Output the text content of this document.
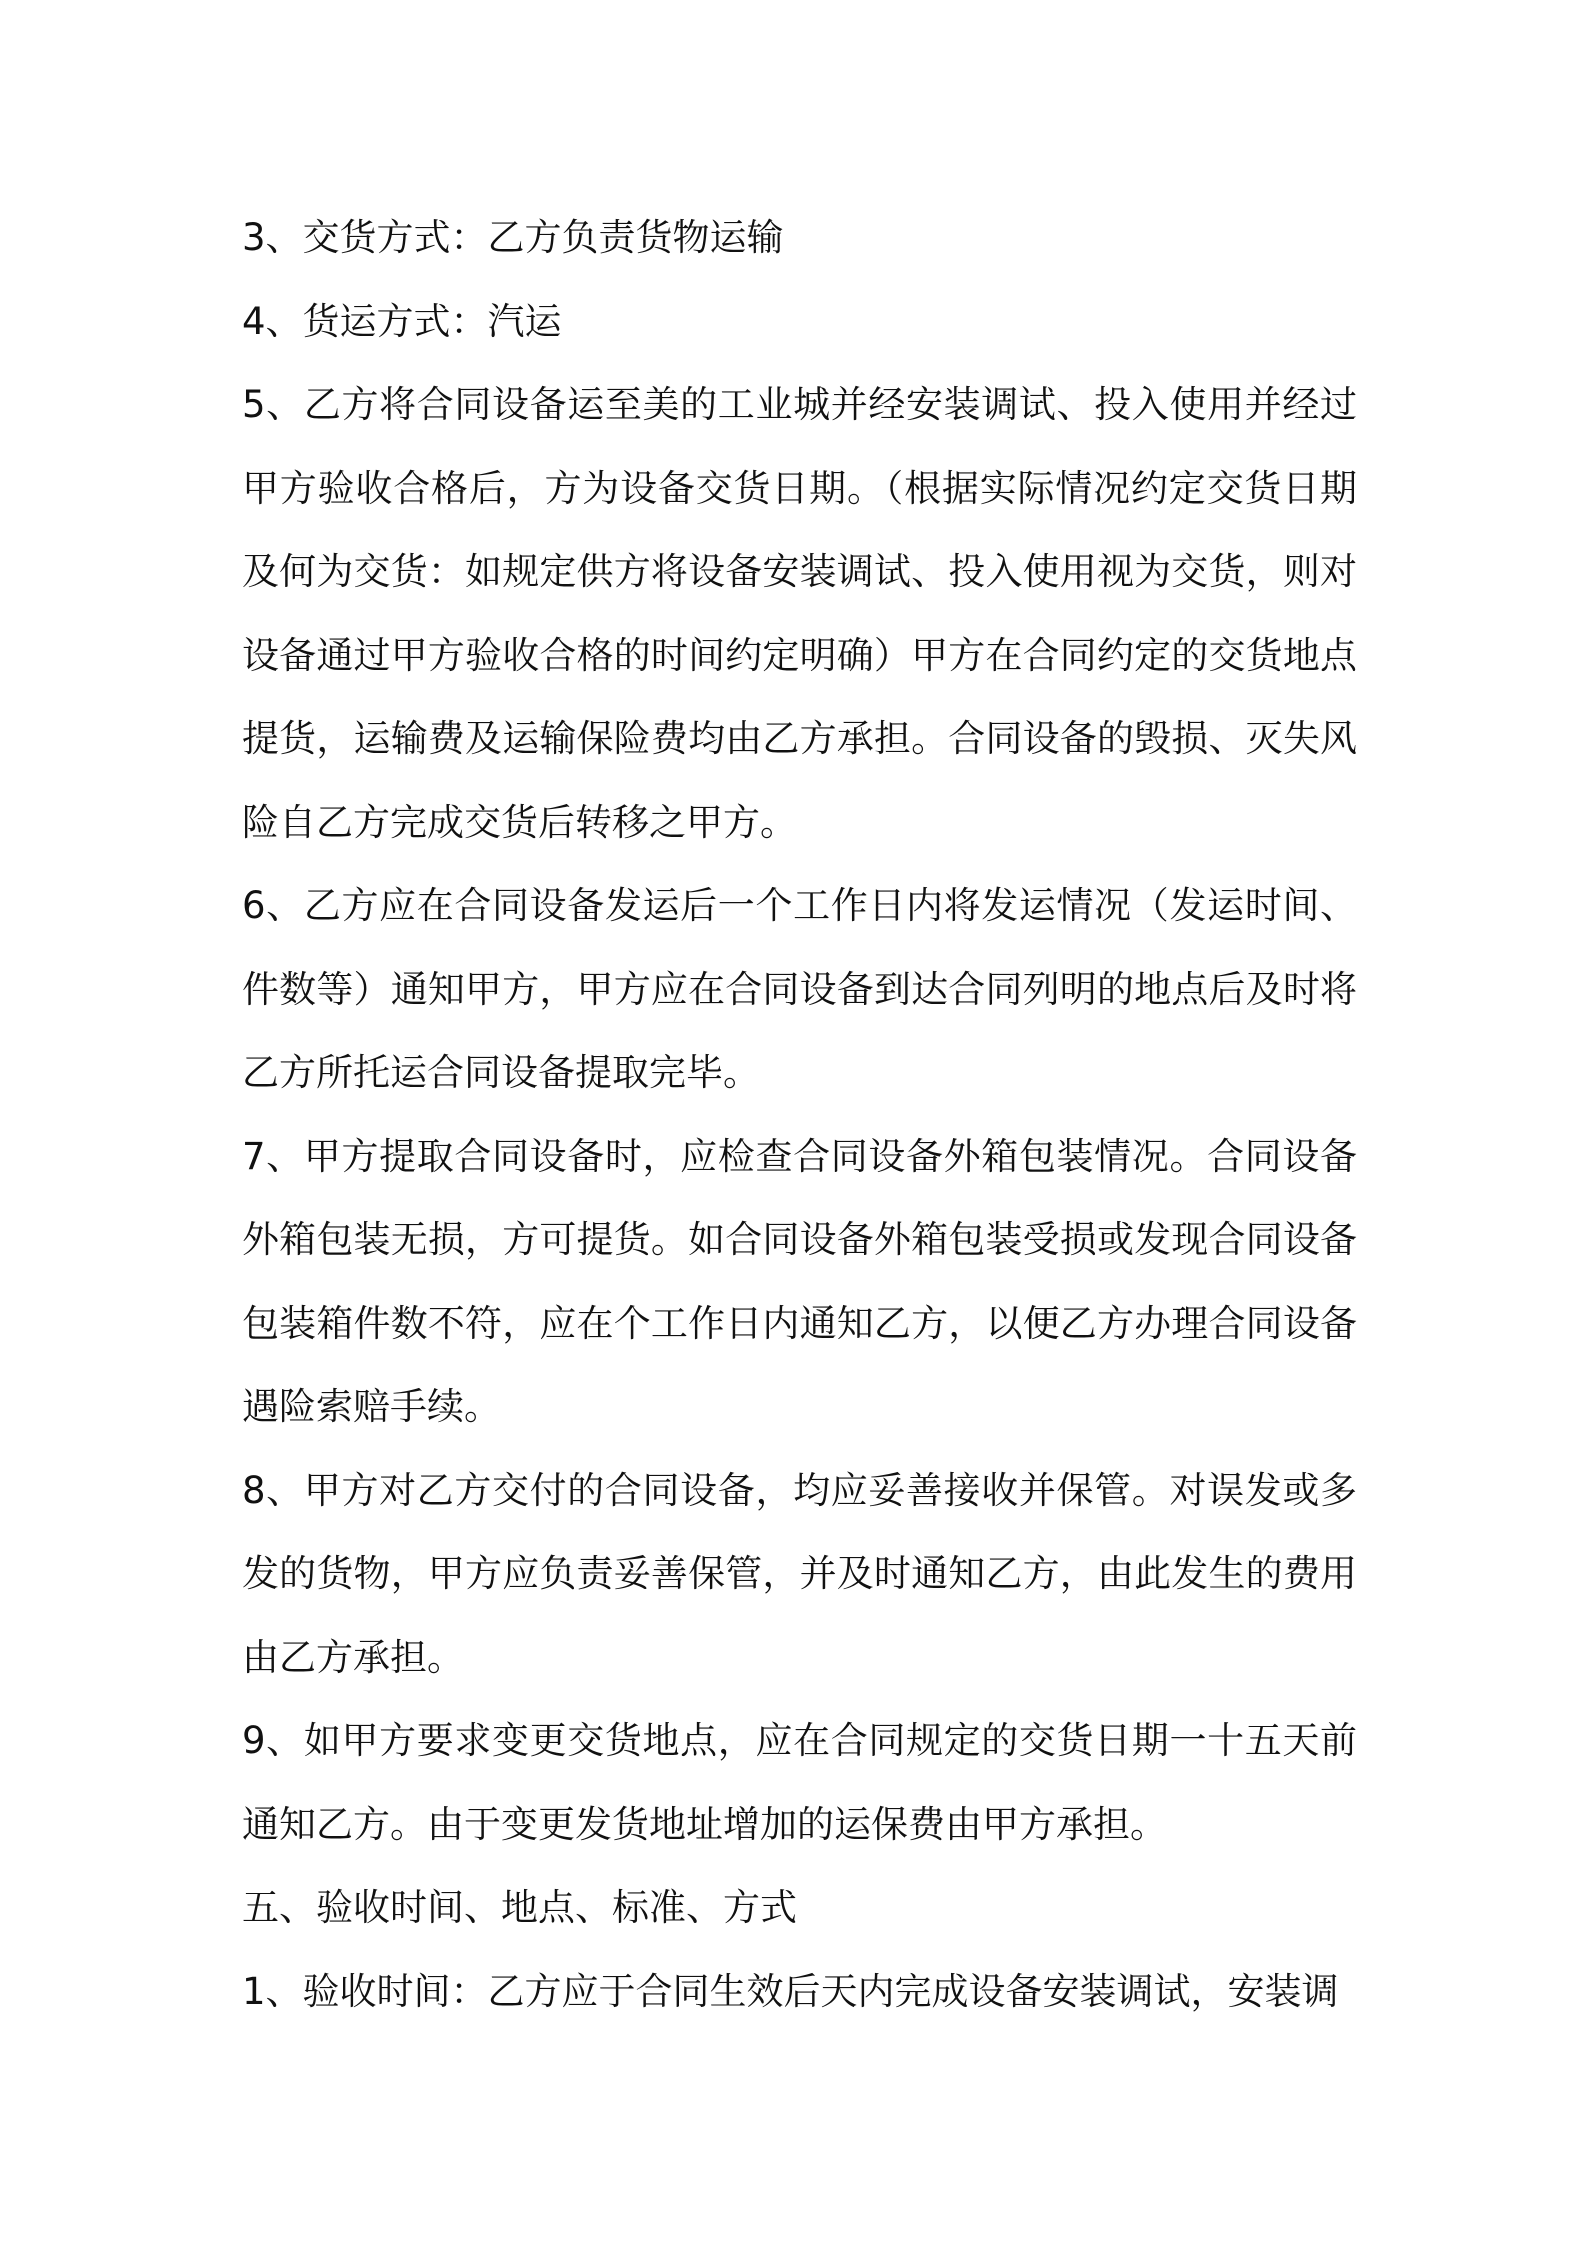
3、交货方式：乙方负责货物运输

4、货运方式：汽运

5、乙方将合同设备运至美的工业城并经安装调试、投入使用并经过甲方验收合格后，方为设备交货日期。（根据实际情况约定交货日期及何为交货：如规定供方将设备安装调试、投入使用视为交货，则对设备通过甲方验收合格的时间约定明确）甲方在合同约定的交货地点提货，运输费及运输保险费均由乙方承担。合同设备的毁损、灭失风险自乙方完成交货后转移之甲方。

6、乙方应在合同设备发运后一个工作日内将发运情况（发运时间、件数等）通知甲方，甲方应在合同设备到达合同列明的地点后及时将乙方所托运合同设备提取完毕。

7、甲方提取合同设备时，应检查合同设备外箱包装情况。合同设备外箱包装无损，方可提货。如合同设备外箱包装受损或发现合同设备包装箱件数不符，应在个工作日内通知乙方，以便乙方办理合同设备遇险索赔手续。

8、甲方对乙方交付的合同设备，均应妥善接收并保管。对误发或多发的货物，甲方应负责妥善保管，并及时通知乙方，由此发生的费用由乙方承担。

9、如甲方要求变更交货地点，应在合同规定的交货日期一十五天前通知乙方。由于变更发货地址增加的运保费由甲方承担。

五、验收时间、地点、标准、方式

1、验收时间：乙方应于合同生效后天内完成设备安装调试，安装调
